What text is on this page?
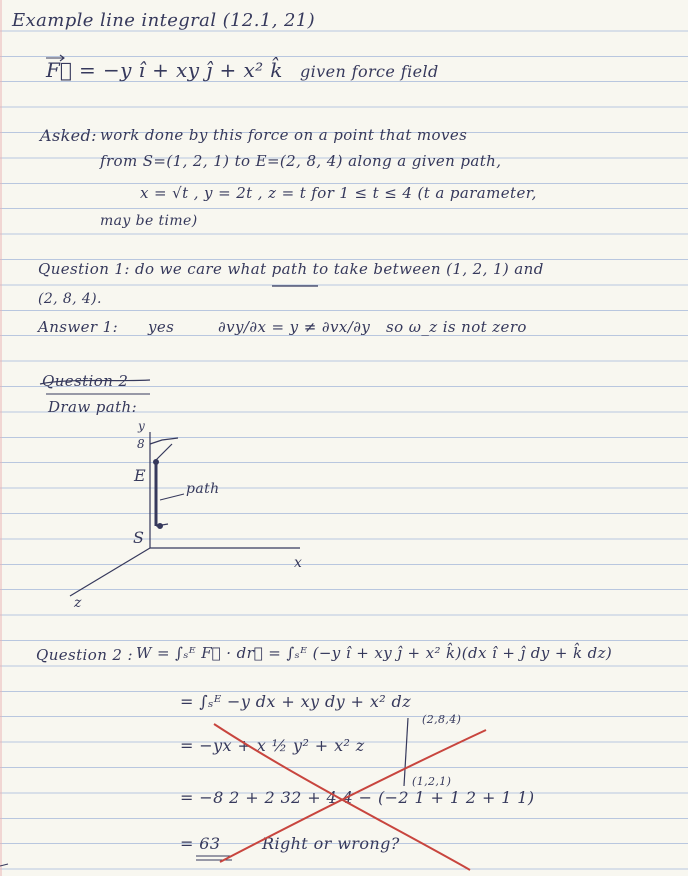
Example line integral (12.1, 21)
F⃗ = −y î + xy ĵ + x² k̂ given force field
Asked: work done by this force on a point that moves
from S=(1, 2, 1) to E=(2, 8, 4) along a given path,
x = √t , y = 2t , z = t for 1 ≤ t ≤ 4 (t a parameter,
may be time)
Question 1: do we care what path to take between (1, 2, 1) and
(2, 8, 4).
Answer 1: yes	∂vy/∂x = y ≠ ∂vx/∂y so ω_z is not zero
Question 2
Draw path:
y
8
E
path
S
x
z
Question 2 : W = ∫ₛᴱ F⃗ · dr⃗ = ∫ₛᴱ (−y î + xy ĵ + x² k̂)(dx î + ĵ dy + k̂ dz)
= ∫ₛᴱ −y dx + xy dy + x² dz
= −yx + x ½ y² + x² z
(2,8,4)
(1,2,1)
= −8 2 + 2 32 + 4 4 − (−2 1 + 1 2 + 1 1)
= 63	Right or wrong?
